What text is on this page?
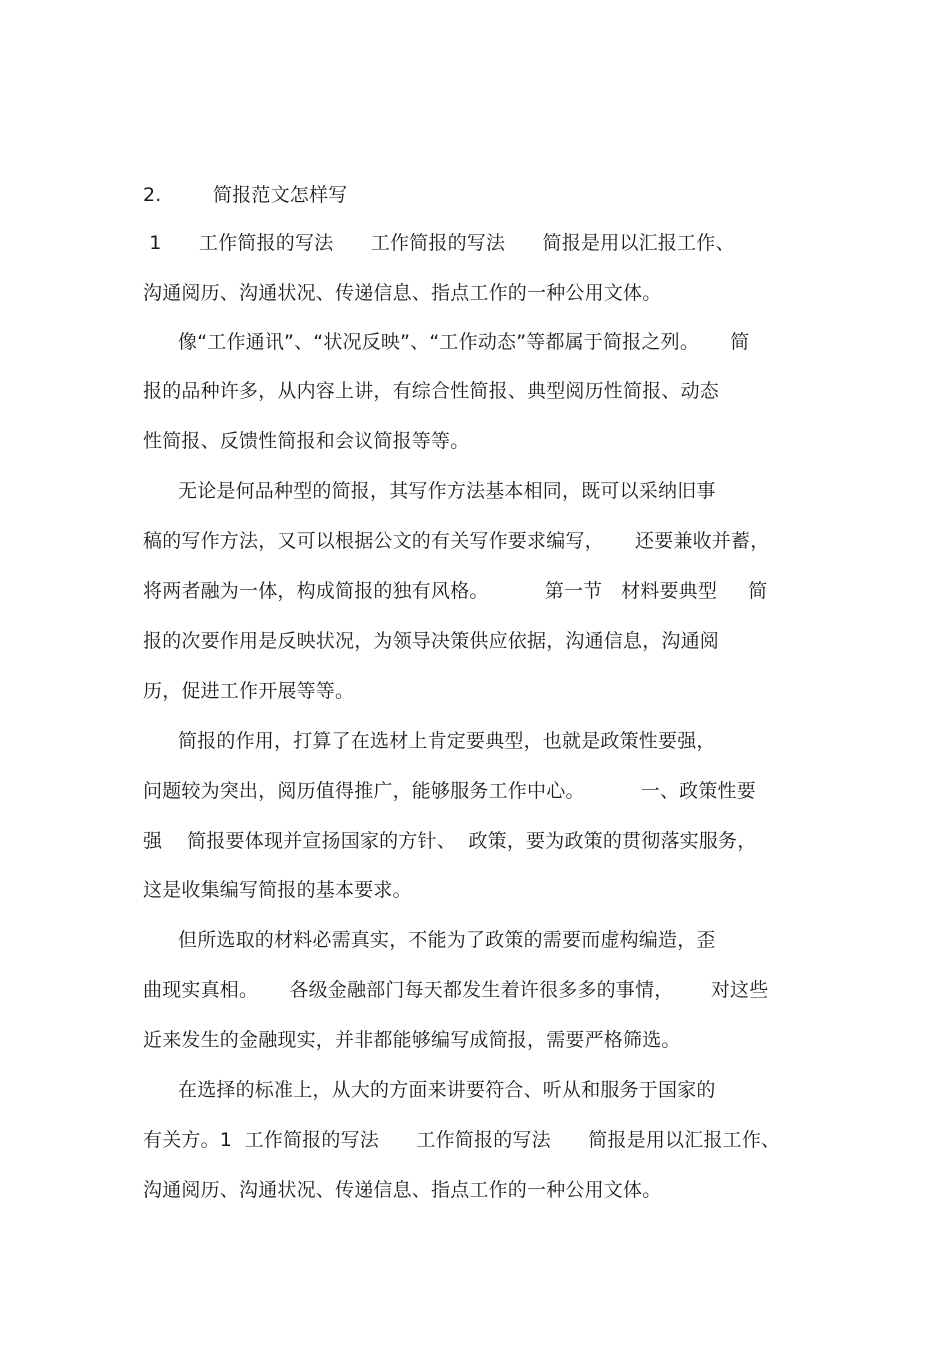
2.	简报范文怎样写
1      工作简报的写法      工作简报的写法      简报是用以汇报工作、
沟通阅历、沟通状况、传递信息、指点工作的一种公用文体。
像“工作通讯”、“状况反映”、“工作动态”等都属于简报之列。     简
报的品种许多，从内容上讲，有综合性简报、典型阅历性简报、动态
性简报、反馈性简报和会议简报等等。
无论是何品种型的简报，其写作方法基本相同，既可以采纳旧事
稿的写作方法，又可以根据公文的有关写作要求编写，     还要兼收并蓄，
将两者融为一体，构成简报的独有风格。         第一节   材料要典型     简
报的次要作用是反映状况，为领导决策供应依据，沟通信息，沟通阅
历，促进工作开展等等。
简报的作用，打算了在选材上肯定要典型，也就是政策性要强，
问题较为突出，阅历值得推广，能够服务工作中心。         一、政策性要
强    简报要体现并宣扬国家的方针、  政策，要为政策的贯彻落实服务，
这是收集编写简报的基本要求。
但所选取的材料必需真实，不能为了政策的需要而虚构编造，歪
曲现实真相。     各级金融部门每天都发生着许很多多的事情，      对这些
近来发生的金融现实，并非都能够编写成简报，需要严格筛选。
在选择的标准上，从大的方面来讲要符合、听从和服务于国家的
有关方。1  工作简报的写法      工作简报的写法      简报是用以汇报工作、
沟通阅历、沟通状况、传递信息、指点工作的一种公用文体。
